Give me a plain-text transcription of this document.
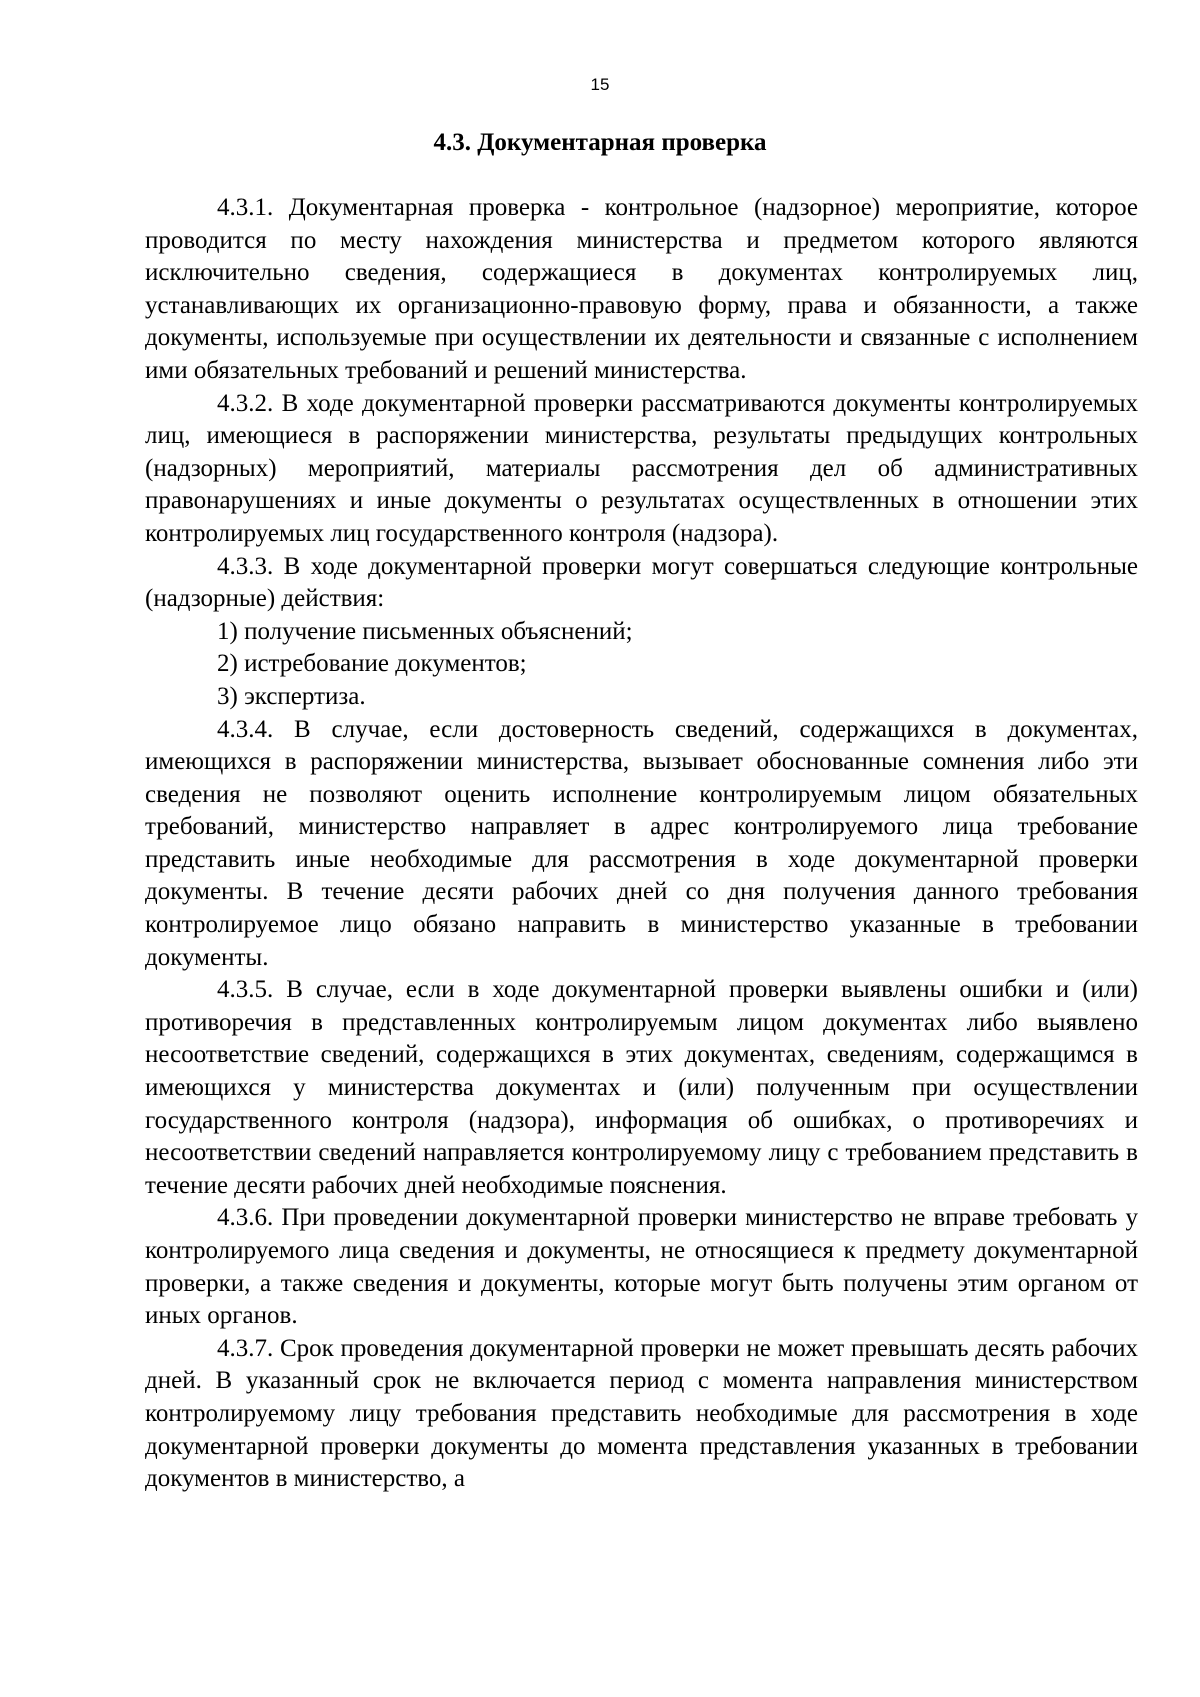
15
4.3. Документарная проверка

4.3.1. Документарная проверка - контрольное (надзорное) мероприятие, которое проводится по месту нахождения министерства и предметом которого являются исключительно сведения, содержащиеся в документах контролируемых лиц, устанавливающих их организационно-правовую форму, права и обязанности, а также документы, используемые при осуществлении их деятельности и связанные с исполнением ими обязательных требований и решений министерства.

4.3.2. В ходе документарной проверки рассматриваются документы контролируемых лиц, имеющиеся в распоряжении министерства, результаты предыдущих контрольных (надзорных) мероприятий, материалы рассмотрения дел об административных правонарушениях и иные документы о результатах осуществленных в отношении этих контролируемых лиц государственного контроля (надзора).

4.3.3. В ходе документарной проверки могут совершаться следующие контрольные (надзорные) действия:

1) получение письменных объяснений;

2) истребование документов;

3) экспертиза.

4.3.4. В случае, если достоверность сведений, содержащихся в документах, имеющихся в распоряжении министерства, вызывает обоснованные сомнения либо эти сведения не позволяют оценить исполнение контролируемым лицом обязательных требований, министерство направляет в адрес контролируемого лица требование представить иные необходимые для рассмотрения в ходе документарной проверки документы. В течение десяти рабочих дней со дня получения данного требования контролируемое лицо обязано направить в министерство указанные в требовании документы.

4.3.5. В случае, если в ходе документарной проверки выявлены ошибки и (или) противоречия в представленных контролируемым лицом документах либо выявлено несоответствие сведений, содержащихся в этих документах, сведениям, содержащимся в имеющихся у министерства документах и (или) полученным при осуществлении государственного контроля (надзора), информация об ошибках, о противоречиях и несоответствии сведений направляется контролируемому лицу с требованием представить в течение десяти рабочих дней необходимые пояснения.

4.3.6. При проведении документарной проверки министерство не вправе требовать у контролируемого лица сведения и документы, не относящиеся к предмету документарной проверки, а также сведения и документы, которые могут быть получены этим органом от иных органов.

4.3.7. Срок проведения документарной проверки не может превышать десять рабочих дней. В указанный срок не включается период с момента направления министерством контролируемому лицу требования представить необходимые для рассмотрения в ходе документарной проверки документы до момента представления указанных в требовании документов в министерство, а
